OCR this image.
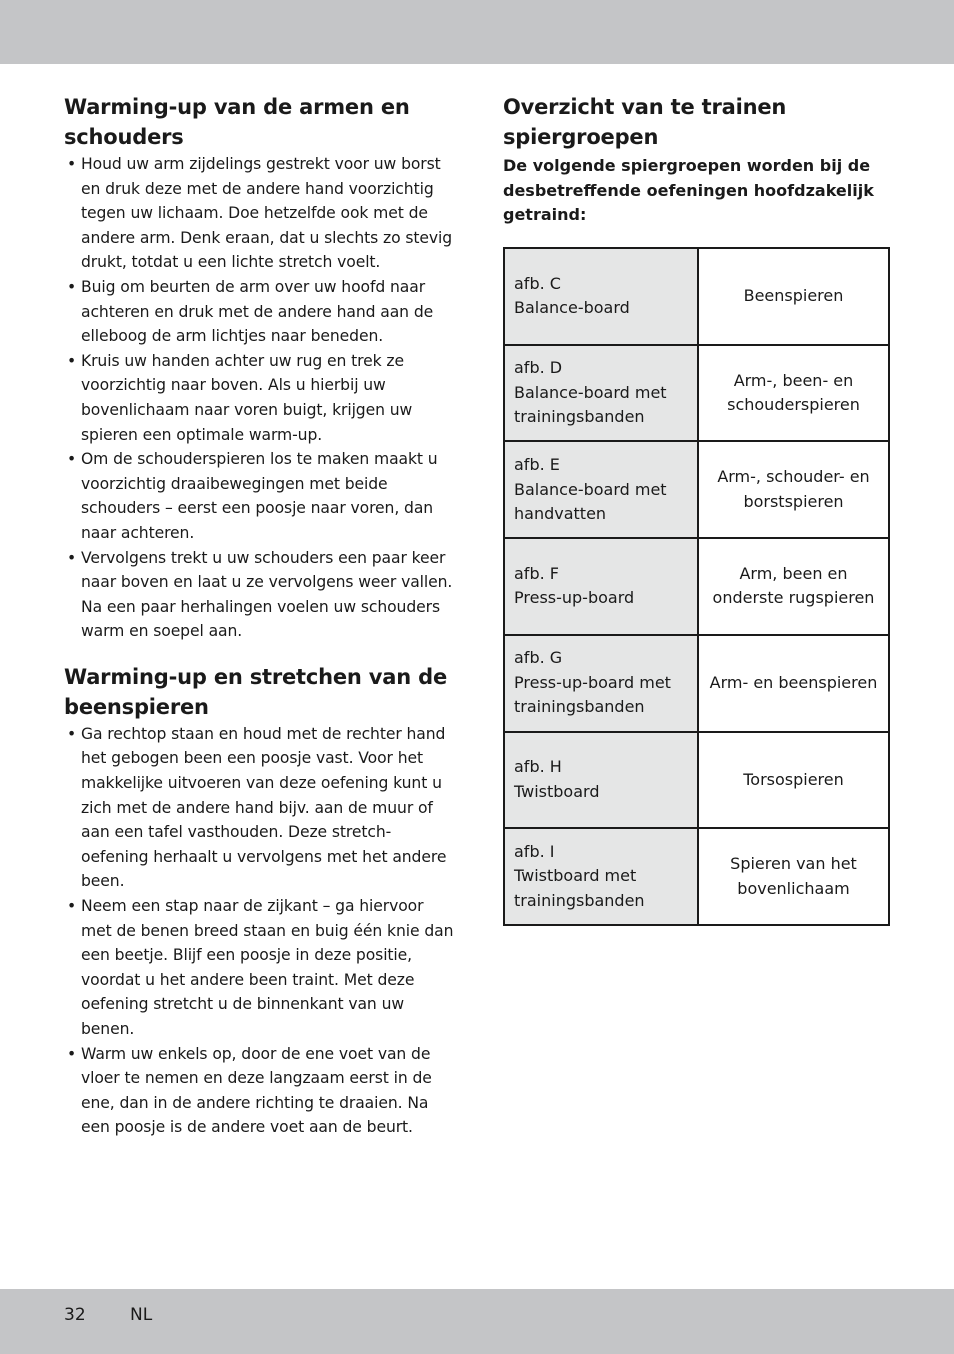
Warming-up van de armen en schouders
• Houd uw arm zijdelings gestrekt voor uw borst en druk deze met de andere hand voorzichtig tegen uw lichaam. Doe hetzelfde ook met de andere arm. Denk eraan, dat u slechts zo stevig drukt, totdat u een lichte stretch voelt.
• Buig om beurten de arm over uw hoofd naar achteren en druk met de andere hand aan de elleboog de arm lichtjes naar beneden.
• Kruis uw handen achter uw rug en trek ze voorzichtig naar boven. Als u hierbij uw bovenlichaam naar voren buigt, krijgen uw spieren een optimale warm-up.
• Om de schouderspieren los te maken maakt u voorzichtig draaibewegingen met beide schouders – eerst een poosje naar voren, dan naar achteren.
• Vervolgens trekt u uw schouders een paar keer naar boven en laat u ze vervolgens weer vallen. Na een paar herhalingen voelen uw schouders warm en soepel aan.
Warming-up en stretchen van de beenspieren
• Ga rechtop staan en houd met de rechter hand het gebogen been een poosje vast. Voor het makkelijke uitvoeren van deze oefening kunt u zich met de andere hand bijv. aan de muur of aan een tafel vasthouden. Deze stretch-oefening herhaalt u vervolgens met het andere been.
• Neem een stap naar de zijkant – ga hiervoor met de benen breed staan en buig één knie dan een beetje. Blijf een poosje in deze positie, voordat u het andere been traint. Met deze oefening stretcht u de binnenkant van uw benen.
• Warm uw enkels op, door de ene voet van de vloer te nemen en deze langzaam eerst in de ene, dan in de andere richting te draaien. Na een poosje is de andere voet aan de beurt.
Overzicht van te trainen spiergroepen

De volgende spiergroepen worden bij de desbetreffende oefeningen hoofdzakelijk getraind:

afb. C
Balance-board	Beenspieren

afb. D
Balance-board met trainingsbanden	Arm-, been- en schouderspieren

afb. E
Balance-board met handvatten	Arm-, schouder- en borstspieren

afb. F
Press-up-board	Arm, been en onderste rugspieren

afb. G
Press-up-board met trainingsbanden	Arm- en beenspieren

afb. H
Twistboard	Torsospieren

afb. I
Twistboard met trainingsbanden	Spieren van het bovenlichaam
32	NL
